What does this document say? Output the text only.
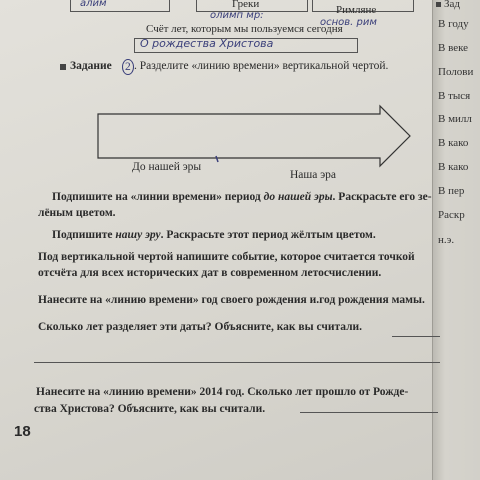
алим	Греки
олимп мр:	Римляне
основ. рим
Счёт лет, которым мы пользуемся сегодня
О рождества Христова
Задание 2 . Разделите «линию времени» вертикальной чертой.
До нашей эры
Наша эра
Подпишите на «линии времени» период до нашей эры. Раскрасьте его зе-
лёным цветом.
Подпишите нашу эру. Раскрасьте этот период жёлтым цветом.
Под вертикальной чертой напишите событие, которое считается точкой
отсчёта для всех исторических дат в современном летосчислении.
Нанесите на «линию времени» год своего рождения и.год рождения мамы.
Сколько лет разделяет эти даты? Объясните, как вы считали.
Нанесите на «линию времени» 2014 год. Сколько лет прошло от Рожде-
ства Христова? Объясните, как вы считали.
18
Зад
В году
В веке
Полови
В тыся
В милл
В како
В како
В пер
Раскр
н.э.
